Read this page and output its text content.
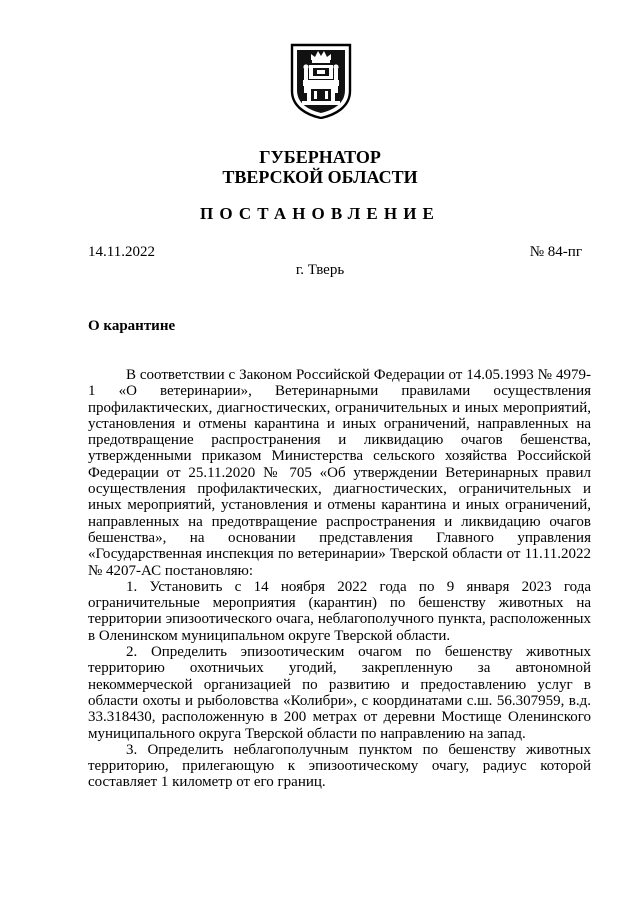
ГУБЕРНАТОР
ТВЕРСКОЙ ОБЛАСТИ
ПОСТАНОВЛЕНИЕ
14.11.2022	№ 84-пг
г. Тверь
О карантине

В соответствии с Законом Российской Федерации от 14.05.1993 № 4979-1 «О ветеринарии», Ветеринарными правилами осуществления профилактических, диагностических, ограничительных и иных мероприятий, установления и отмены карантина и иных ограничений, направленных на предотвращение распространения и ликвидацию очагов бешенства, утвержденными приказом Министерства сельского хозяйства Российской Федерации от 25.11.2020 № 705 «Об утверждении Ветеринарных правил осуществления профилактических, диагностических, ограничительных и иных мероприятий, установления и отмены карантина и иных ограничений, направленных на предотвращение распространения и ликвидацию очагов бешенства», на основании представления Главного управления «Государственная инспекция по ветеринарии» Тверской области от 11.11.2022 № 4207-АС постановляю:

1. Установить с 14 ноября 2022 года по 9 января 2023 года ограничительные мероприятия (карантин) по бешенству животных на территории эпизоотического очага, неблагополучного пункта, расположенных в Оленинском муниципальном округе Тверской области.

2. Определить эпизоотическим очагом по бешенству животных территорию охотничьих угодий, закрепленную за автономной некоммерческой организацией по развитию и предоставлению услуг в области охоты и рыболовства «Колибри», с координатами с.ш. 56.307959, в.д. 33.318430, расположенную в 200 метрах от деревни Мостище Оленинского муниципального округа Тверской области по направлению на запад.

3. Определить неблагополучным пунктом по бешенству животных территорию, прилегающую к эпизоотическому очагу, радиус которой составляет 1 километр от его границ.
